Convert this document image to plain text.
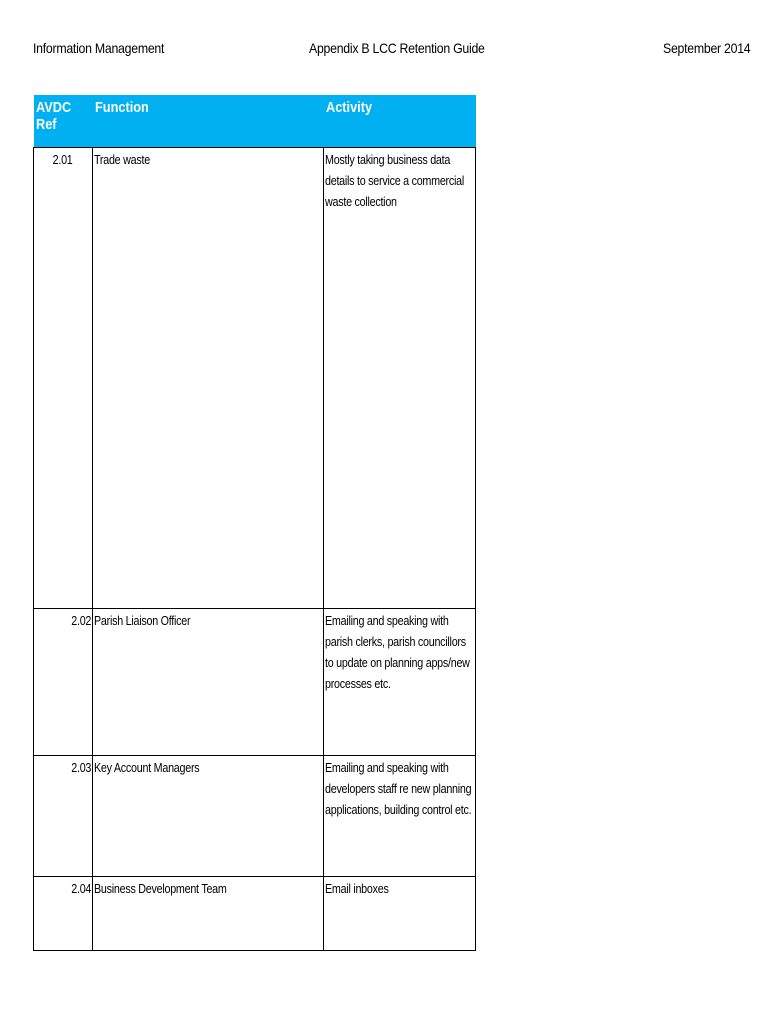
Information Management	Appendix B LCC Retention Guide	September 2014
AVDC Ref	Function	Activity
2.01	Trade waste	Mostly taking business data details to service a commercial waste collection
2.02	Parish Liaison Officer	Emailing and speaking with parish clerks, parish councillors to update on planning apps/new processes etc.
2.03	Key Account Managers	Emailing and speaking with developers staff re new planning applications, building control etc.
2.04	Business Development Team	Email inboxes
